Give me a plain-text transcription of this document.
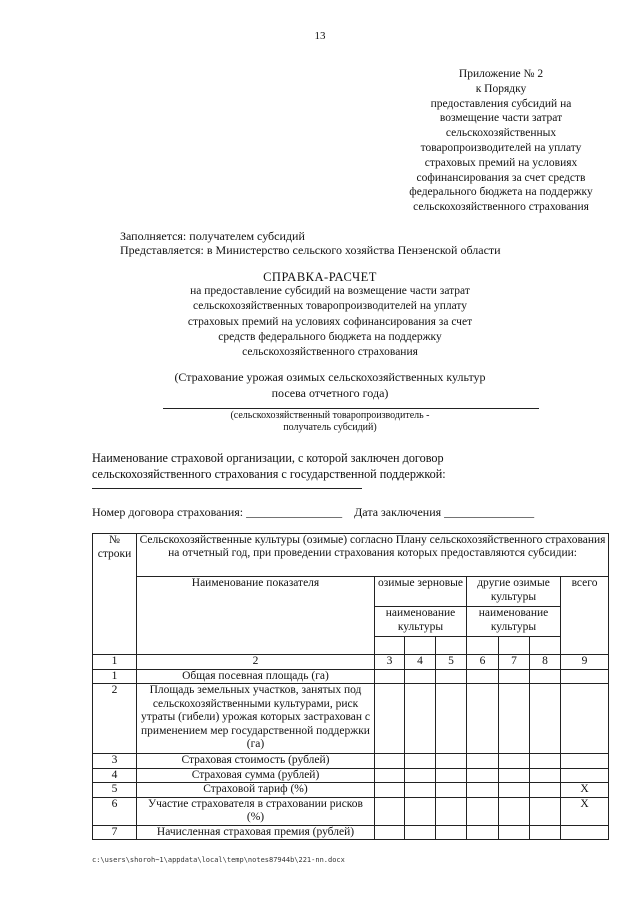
13
Приложение № 2
к Порядку
предоставления субсидий на
возмещение части затрат
сельскохозяйственных
товаропроизводителей на уплату
страховых премий на условиях
софинансирования за счет средств
федерального бюджета на поддержку
сельскохозяйственного страхования
Заполняется: получателем субсидий
Представляется: в Министерство сельского хозяйства Пензенской области
СПРАВКА-РАСЧЕТ
на предоставление субсидий на возмещение части затрат
сельскохозяйственных товаропроизводителей на уплату
страховых премий на условиях софинансирования за счет
средств федерального бюджета на поддержку
сельскохозяйственного страхования
(Страхование урожая озимых сельскохозяйственных культур
посева отчетного года)
(сельскохозяйственный товаропроизводитель -
получатель субсидий)
Наименование страховой организации, с которой заключен договор
сельскохозяйственного страхования с государственной поддержкой:
Номер договора страхования: ________________ Дата заключения _______________
№
строки	Сельскохозяйственные культуры (озимые) согласно Плану сельскохозяйственного страхования на отчетный год, при проведении страхования которых предоставляются субсидии:							
	Наименование показателя	озимые зерновые			другие озимые культуры			всего
		наименование культуры			наименование культуры			

1	2	3	4	5	6	7	8	9
1	Общая посевная площадь (га)							
2	Площадь земельных участков, занятых под сельскохозяйственными культурами, риск утраты (гибели) урожая которых застрахован с применением мер государственной поддержки (га)							
3	Страховая стоимость (рублей)							
4	Страховая сумма (рублей)							
5	Страховой тариф (%)							X
6	Участие страхователя в страховании рисков (%)							X
7	Начисленная страховая премия (рублей)							
c:\users\shoroh~1\appdata\local\temp\notes87944b\221-nn.docx
